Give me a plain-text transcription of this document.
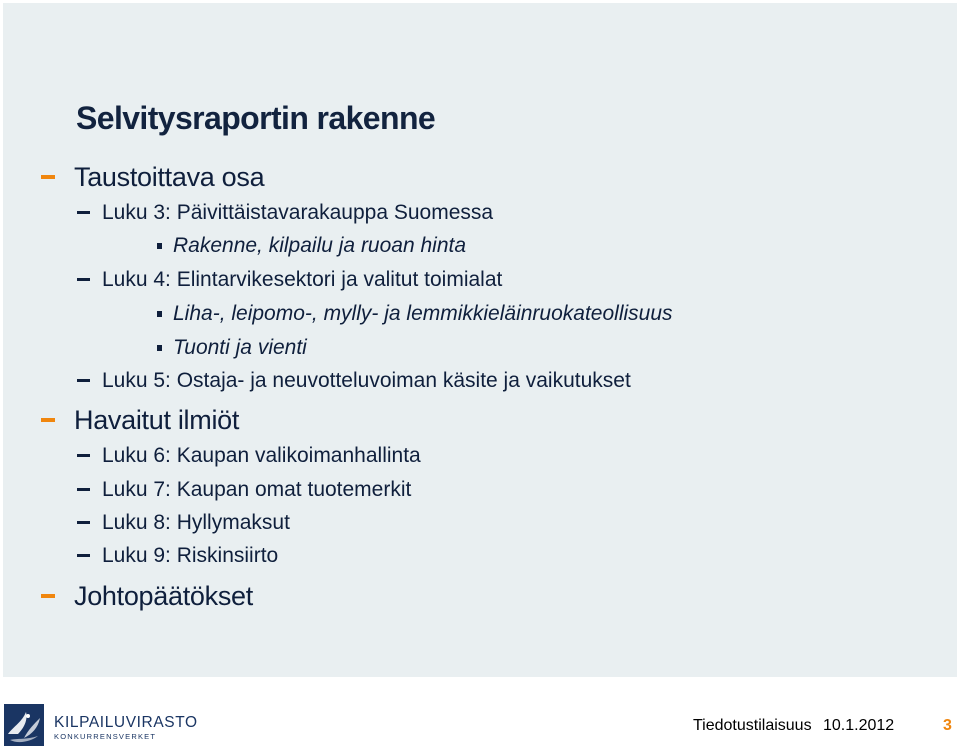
Selvitysraportin rakenne
Taustoittava osa
Luku 3: Päivittäistavarakauppa Suomessa
Rakenne, kilpailu ja ruoan hinta
Luku 4: Elintarvikesektori ja valitut toimialat
Liha-, leipomo-, mylly- ja lemmikkieläinruokateollisuus
Tuonti ja vienti
Luku 5: Ostaja- ja neuvotteluvoiman käsite ja vaikutukset
Havaitut ilmiöt
Luku 6: Kaupan valikoimanhallinta
Luku 7: Kaupan omat tuotemerkit
Luku 8: Hyllymaksut
Luku 9: Riskinsiirto
Johtopäätökset
KILPAILUVIRASTO
KONKURRENSVERKET
Tiedotustilaisuus 10.1.2012	3
